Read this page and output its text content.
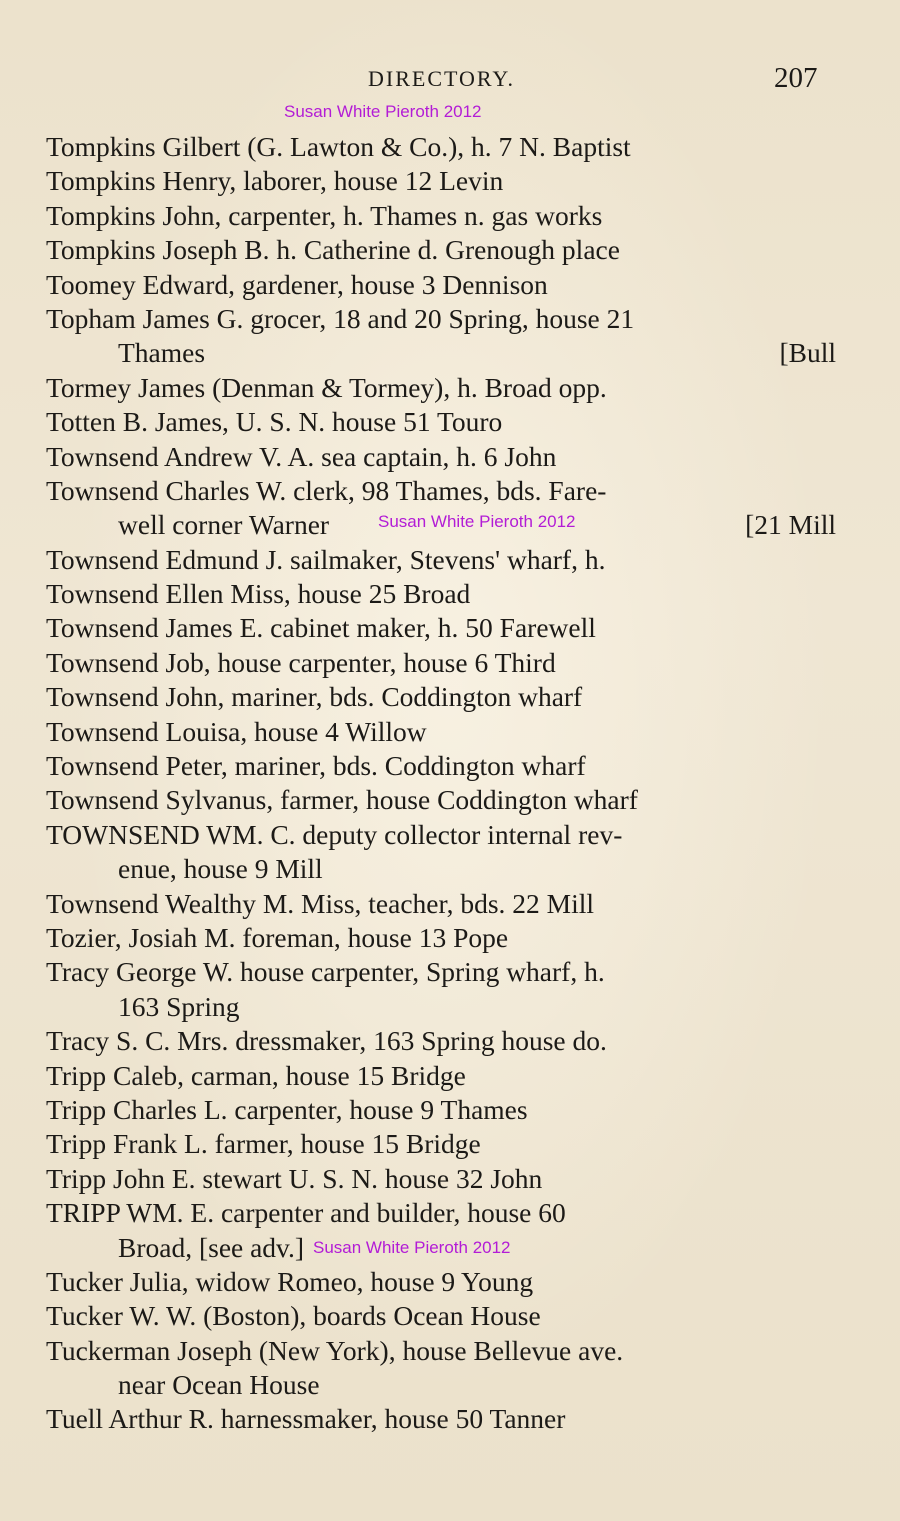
DIRECTORY.	207
Susan White Pieroth 2012
Tompkins Gilbert (G. Lawton & Co.), h. 7 N. Baptist
Tompkins Henry, laborer, house 12 Levin
Tompkins John, carpenter, h. Thames n. gas works
Tompkins Joseph B. h. Catherine d. Grenough place
Toomey Edward, gardener, house 3 Dennison
Topham James G. grocer, 18 and 20 Spring, house 21
Thames	[Bull
Tormey James (Denman & Tormey), h. Broad opp.
Totten B. James, U. S. N. house 51 Touro
Townsend Andrew V. A. sea captain, h. 6 John
Townsend Charles W. clerk, 98 Thames, bds. Fare-
well corner Warner	[21 Mill
Townsend Edmund J. sailmaker, Stevens' wharf, h.
Townsend Ellen Miss, house 25 Broad
Townsend James E. cabinet maker, h. 50 Farewell
Townsend Job, house carpenter, house 6 Third
Townsend John, mariner, bds. Coddington wharf
Townsend Louisa, house 4 Willow
Townsend Peter, mariner, bds. Coddington wharf
Townsend Sylvanus, farmer, house Coddington wharf
TOWNSEND WM. C. deputy collector internal rev-
enue, house 9 Mill
Townsend Wealthy M. Miss, teacher, bds. 22 Mill
Tozier, Josiah M. foreman, house 13 Pope
Tracy George W. house carpenter, Spring wharf, h.
163 Spring
Tracy S. C. Mrs. dressmaker, 163 Spring house do.
Tripp Caleb, carman, house 15 Bridge
Tripp Charles L. carpenter, house 9 Thames
Tripp Frank L. farmer, house 15 Bridge
Tripp John E. stewart U. S. N. house 32 John
TRIPP WM. E. carpenter and builder, house 60
Broad, [see adv.]
Tucker Julia, widow Romeo, house 9 Young
Tucker W. W. (Boston), boards Ocean House
Tuckerman Joseph (New York), house Bellevue ave.
near Ocean House
Tuell Arthur R. harnessmaker, house 50 Tanner
Susan White Pieroth 2012
Susan White Pieroth 2012
